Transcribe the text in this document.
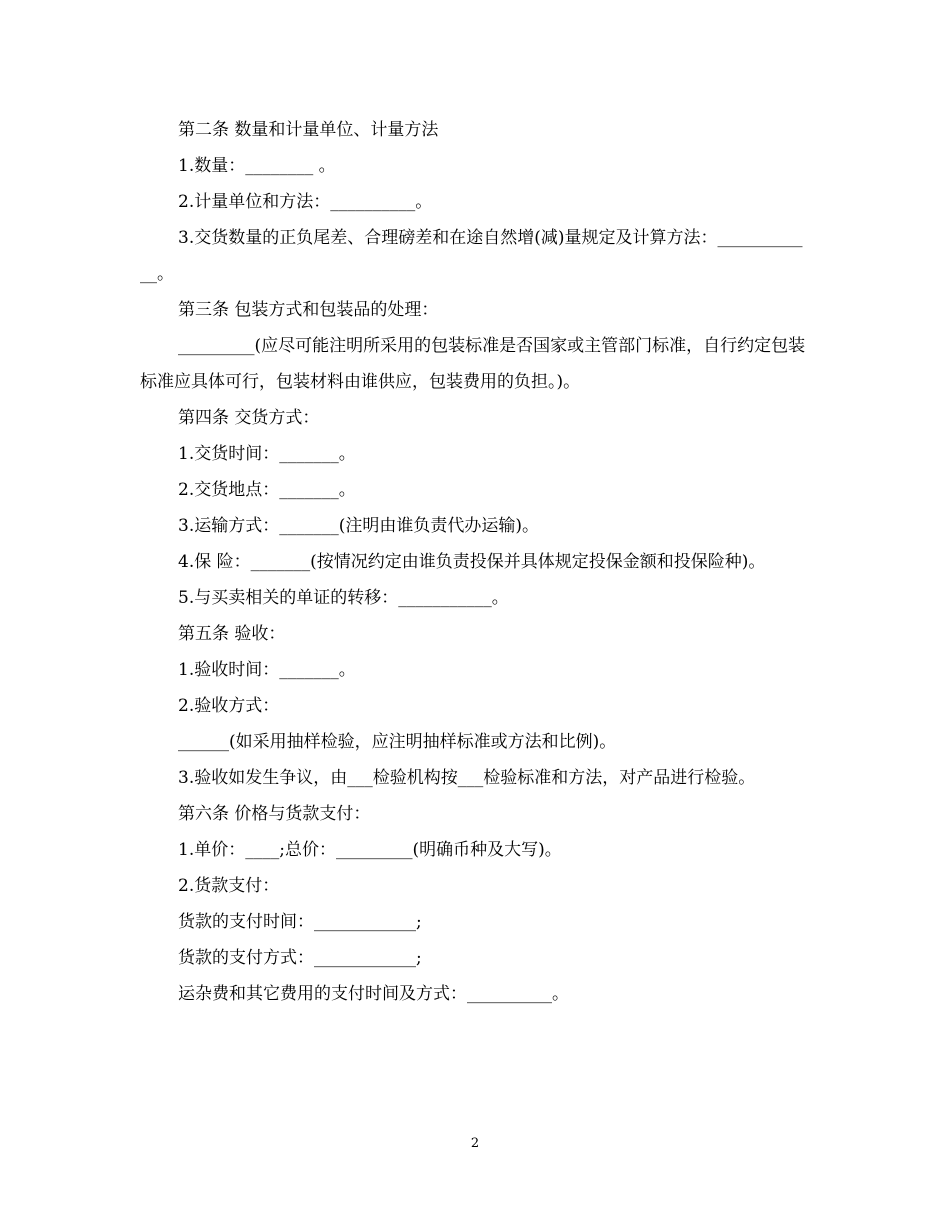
第二条 数量和计量单位、计量方法

1.数量：________ 。

2.计量单位和方法：__________。

3.交货数量的正负尾差、合理磅差和在途自然增(减)量规定及计算方法：____________。

第三条 包装方式和包装品的处理：

_________(应尽可能注明所采用的包装标准是否国家或主管部门标准，自行约定包装标准应具体可行，包装材料由谁供应，包装费用的负担。)。

第四条 交货方式：

1.交货时间：_______。

2.交货地点：_______。

3.运输方式：_______(注明由谁负责代办运输)。

4.保 险：_______(按情况约定由谁负责投保并具体规定投保金额和投保险种)。

5.与买卖相关的单证的转移：___________。

第五条 验收：

1.验收时间：_______。

2.验收方式：

______(如采用抽样检验，应注明抽样标准或方法和比例)。

3.验收如发生争议，由___检验机构按___检验标准和方法，对产品进行检验。

第六条 价格与货款支付：

1.单价：____;总价：_________(明确币种及大写)。

2.货款支付：

货款的支付时间：____________;

货款的支付方式：____________;

运杂费和其它费用的支付时间及方式：__________。

2
